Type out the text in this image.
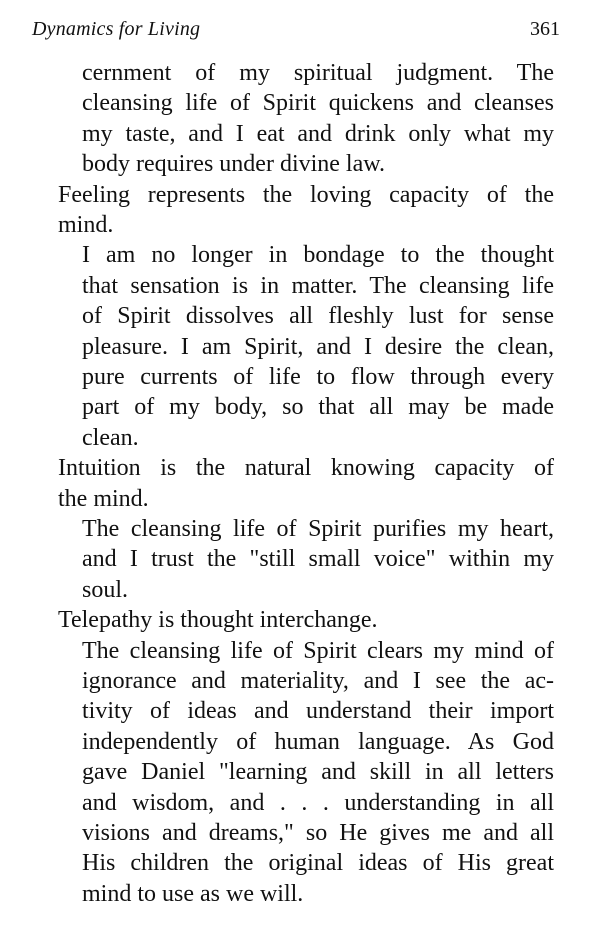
Dynamics for Living	361
cernment of my spiritual judgment. The
cleansing life of Spirit quickens and cleanses
my taste, and I eat and drink only what my
body requires under divine law.
Feeling represents the loving capacity of the
mind.
I am no longer in bondage to the thought
that sensation is in matter. The cleansing life
of Spirit dissolves all fleshly lust for sense
pleasure. I am Spirit, and I desire the clean,
pure currents of life to flow through every
part of my body, so that all may be made
clean.
Intuition is the natural knowing capacity of
the mind.
The cleansing life of Spirit purifies my heart,
and I trust the "still small voice" within my
soul.
Telepathy is thought interchange.
The cleansing life of Spirit clears my mind of
ignorance and materiality, and I see the ac-
tivity of ideas and understand their import
independently of human language. As God
gave Daniel "learning and skill in all letters
and wisdom, and . . . understanding in all
visions and dreams," so He gives me and all
His children the original ideas of His great
mind to use as we will.
